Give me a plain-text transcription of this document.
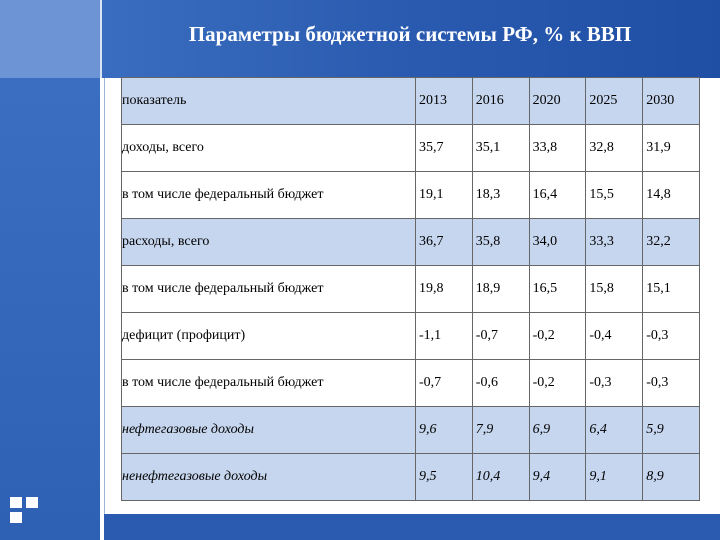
Параметры бюджетной системы РФ, % к ВВП
показатель	2013	2016	2020	2025	2030
доходы, всего	35,7	35,1	33,8	32,8	31,9
в том числе федеральный бюджет	19,1	18,3	16,4	15,5	14,8
расходы, всего	36,7	35,8	34,0	33,3	32,2
в том числе федеральный бюджет	19,8	18,9	16,5	15,8	15,1
дефицит (профицит)	-1,1	-0,7	-0,2	-0,4	-0,3
в том числе федеральный бюджет	-0,7	-0,6	-0,2	-0,3	-0,3
нефтегазовые доходы	9,6	7,9	6,9	6,4	5,9
ненефтегазовые доходы	9,5	10,4	9,4	9,1	8,9
